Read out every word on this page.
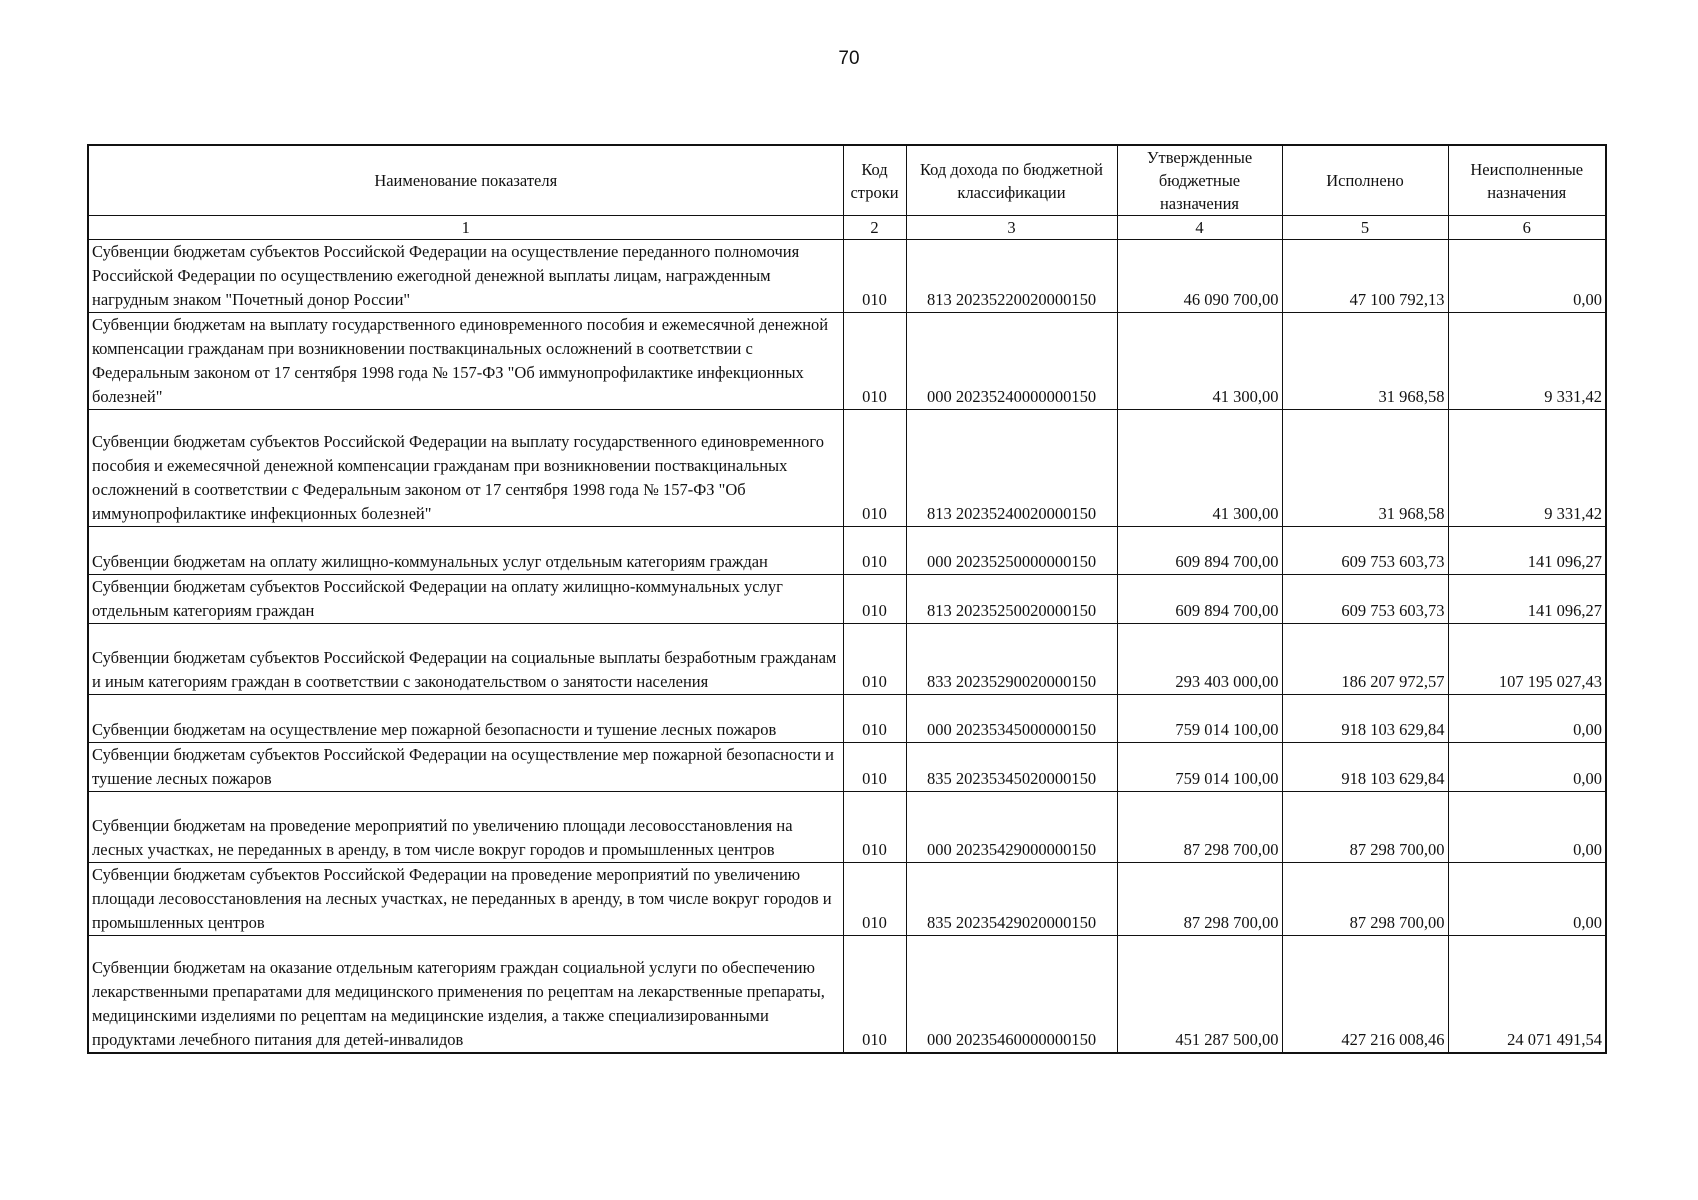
70
Наименование показателя	Код строки	Код дохода по бюджетной классификации	Утвержденные бюджетные назначения	Исполнено	Неисполненные назначения
1	2	3	4	5	6
Субвенции бюджетам субъектов Российской Федерации на осуществление переданного полномочия Российской Федерации по осуществлению ежегодной денежной выплаты лицам, награжденным нагрудным знаком "Почетный донор России"	010	813 20235220020000150	46 090 700,00	47 100 792,13	0,00
Субвенции бюджетам на выплату государственного единовременного пособия и ежемесячной денежной компенсации гражданам при возникновении поствакцинальных осложнений в соответствии с Федеральным законом от 17 сентября 1998 года № 157-ФЗ "Об иммунопрофилактике инфекционных болезней"	010	000 20235240000000150	41 300,00	31 968,58	9 331,42
Субвенции бюджетам субъектов Российской Федерации на выплату государственного единовременного пособия и ежемесячной денежной компенсации гражданам при возникновении поствакцинальных осложнений в соответствии с Федеральным законом от 17 сентября 1998 года № 157-ФЗ "Об иммунопрофилактике инфекционных болезней"	010	813 20235240020000150	41 300,00	31 968,58	9 331,42
Субвенции бюджетам на оплату жилищно-коммунальных услуг отдельным категориям граждан	010	000 20235250000000150	609 894 700,00	609 753 603,73	141 096,27
Субвенции бюджетам субъектов Российской Федерации на оплату жилищно-коммунальных услуг отдельным категориям граждан	010	813 20235250020000150	609 894 700,00	609 753 603,73	141 096,27
Субвенции бюджетам субъектов Российской Федерации на социальные выплаты безработным гражданам и иным категориям граждан в соответствии с законодательством о занятости населения	010	833 20235290020000150	293 403 000,00	186 207 972,57	107 195 027,43
Субвенции бюджетам на осуществление мер пожарной безопасности и тушение лесных пожаров	010	000 20235345000000150	759 014 100,00	918 103 629,84	0,00
Субвенции бюджетам субъектов Российской Федерации на осуществление мер пожарной безопасности и тушение лесных пожаров	010	835 20235345020000150	759 014 100,00	918 103 629,84	0,00
Субвенции бюджетам на проведение мероприятий по увеличению площади лесовосстановления на лесных участках, не переданных в аренду, в том числе вокруг городов и промышленных центров	010	000 20235429000000150	87 298 700,00	87 298 700,00	0,00
Субвенции бюджетам субъектов Российской Федерации на проведение мероприятий по увеличению площади лесовосстановления на лесных участках, не переданных в аренду, в том числе вокруг городов и промышленных центров	010	835 20235429020000150	87 298 700,00	87 298 700,00	0,00
Субвенции бюджетам на оказание отдельным категориям граждан социальной услуги по обеспечению лекарственными препаратами для медицинского применения по рецептам на лекарственные препараты, медицинскими изделиями по рецептам на медицинские изделия, а также специализированными продуктами лечебного питания для детей-инвалидов	010	000 20235460000000150	451 287 500,00	427 216 008,46	24 071 491,54
